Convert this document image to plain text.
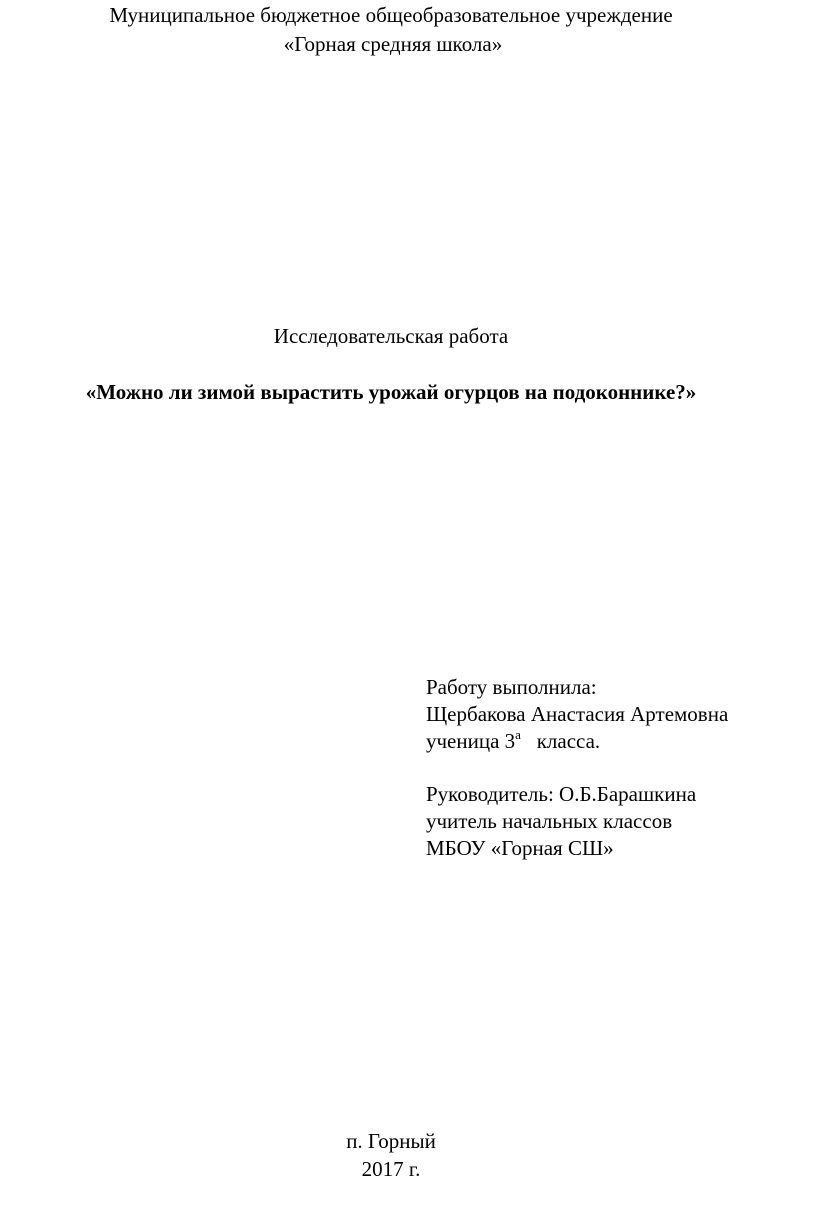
Муниципальное бюджетное общеобразовательное учреждение
«Горная средняя школа»
Исследовательская работа
«Можно ли зимой вырастить урожай огурцов на подоконнике?»
Работу выполнила:
Щербакова Анастасия Артемовна
ученица $3^а$ класса.
Руководитель: О.Б.Барашкина
учитель начальных классов
МБОУ «Горная СШ»
п. Горный
2017 г.
